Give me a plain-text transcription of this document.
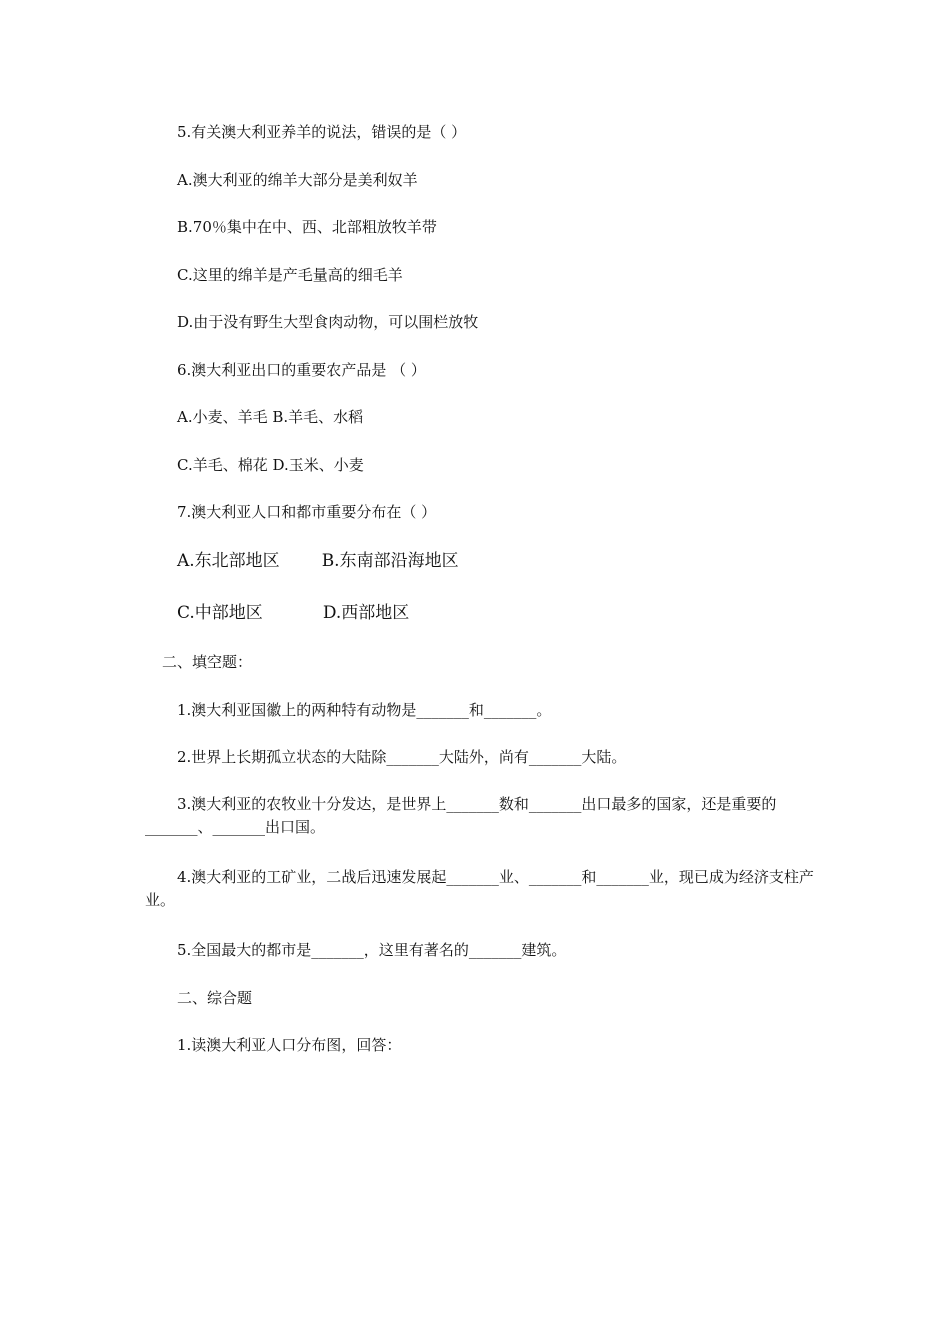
5.有关澳大利亚养羊的说法，错误的是（ ）
A.澳大利亚的绵羊大部分是美利奴羊
B.70％集中在中、西、北部粗放牧羊带
C.这里的绵羊是产毛量高的细毛羊
D.由于没有野生大型食肉动物，可以围栏放牧
6.澳大利亚出口的重要农产品是 （ ）
A.小麦、羊毛 B.羊毛、水稻
C.羊毛、棉花 D.玉米、小麦
7.澳大利亚人口和都市重要分布在（ ）
A.东北部地区 B.东南部沿海地区
C.中部地区	D.西部地区
二、填空题：
1.澳大利亚国徽上的两种特有动物是_______和_______。
2.世界上长期孤立状态的大陆除_______大陆外，尚有_______大陆。
3.澳大利亚的农牧业十分发达，是世界上_______数和_______出口最多的国家，还是重要的_______、_______出口国。
4.澳大利亚的工矿业，二战后迅速发展起_______业、_______和_______业，现已成为经济支柱产业。
5.全国最大的都市是_______，这里有著名的_______建筑。
二、综合题
1.读澳大利亚人口分布图，回答：
